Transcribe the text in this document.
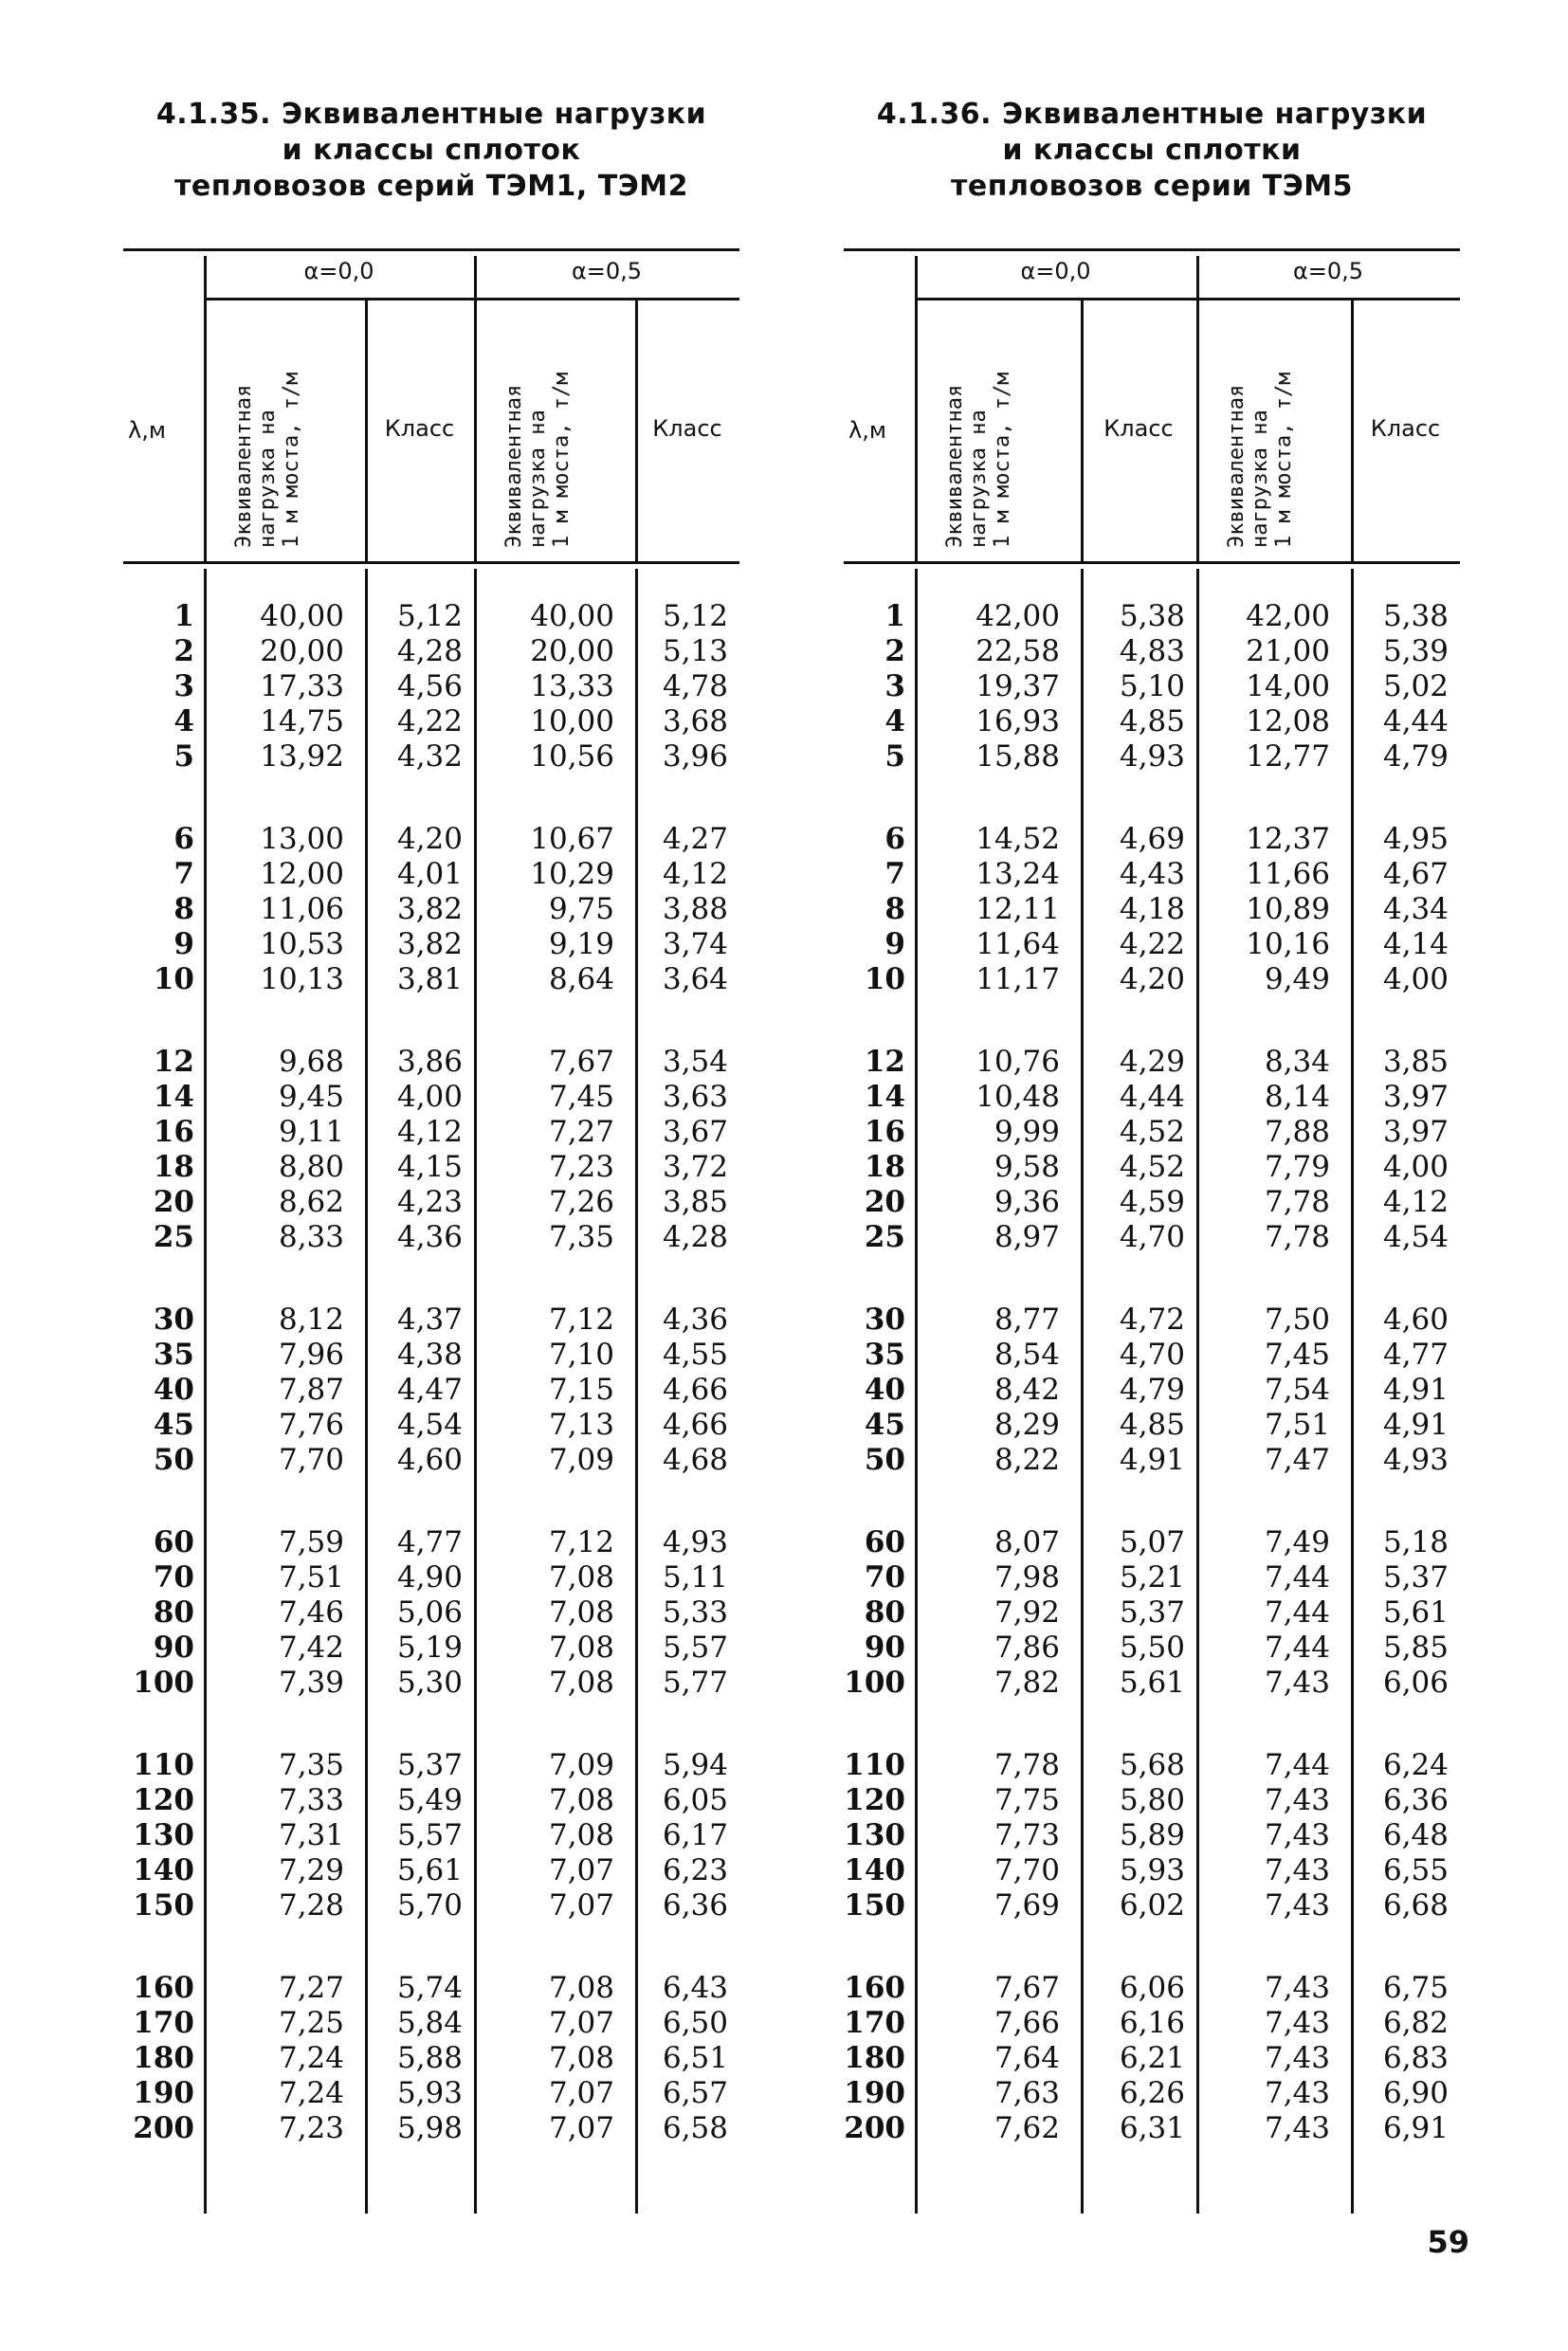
4.1.35. Эквивалентные нагрузки
и классы сплоток
тепловозов серий ТЭМ1, ТЭМ2
λ,м
α=0,0	α=0,5
Эквивалентная нагрузка на 1 м моста, т/м	Эквивалентная нагрузка на 1 м моста, т/м
Класс	Класс
1	40,00	5,12	40,00	5,12
2	20,00	4,28	20,00	5,13
3	17,33	4,56	13,33	4,78
4	14,75	4,22	10,00	3,68
5	13,92	4,32	10,56	3,96
6	13,00	4,20	10,67	4,27
7	12,00	4,01	10,29	4,12
8	11,06	3,82	9,75	3,88
9	10,53	3,82	9,19	3,74
10	10,13	3,81	8,64	3,64
12	9,68	3,86	7,67	3,54
14	9,45	4,00	7,45	3,63
16	9,11	4,12	7,27	3,67
18	8,80	4,15	7,23	3,72
20	8,62	4,23	7,26	3,85
25	8,33	4,36	7,35	4,28
30	8,12	4,37	7,12	4,36
35	7,96	4,38	7,10	4,55
40	7,87	4,47	7,15	4,66
45	7,76	4,54	7,13	4,66
50	7,70	4,60	7,09	4,68
60	7,59	4,77	7,12	4,93
70	7,51	4,90	7,08	5,11
80	7,46	5,06	7,08	5,33
90	7,42	5,19	7,08	5,57
100	7,39	5,30	7,08	5,77
110	7,35	5,37	7,09	5,94
120	7,33	5,49	7,08	6,05
130	7,31	5,57	7,08	6,17
140	7,29	5,61	7,07	6,23
150	7,28	5,70	7,07	6,36
160	7,27	5,74	7,08	6,43
170	7,25	5,84	7,07	6,50
180	7,24	5,88	7,08	6,51
190	7,24	5,93	7,07	6,57
200	7,23	5,98	7,07	6,58
4.1.36. Эквивалентные нагрузки
и классы сплотки
тепловозов серии ТЭМ5
λ,м
α=0,0	α=0,5
Эквивалентная нагрузка на 1 м моста, т/м	Эквивалентная нагрузка на 1 м моста, т/м
Класс	Класс
1	42,00	5,38	42,00	5,38
2	22,58	4,83	21,00	5,39
3	19,37	5,10	14,00	5,02
4	16,93	4,85	12,08	4,44
5	15,88	4,93	12,77	4,79
6	14,52	4,69	12,37	4,95
7	13,24	4,43	11,66	4,67
8	12,11	4,18	10,89	4,34
9	11,64	4,22	10,16	4,14
10	11,17	4,20	9,49	4,00
12	10,76	4,29	8,34	3,85
14	10,48	4,44	8,14	3,97
16	9,99	4,52	7,88	3,97
18	9,58	4,52	7,79	4,00
20	9,36	4,59	7,78	4,12
25	8,97	4,70	7,78	4,54
30	8,77	4,72	7,50	4,60
35	8,54	4,70	7,45	4,77
40	8,42	4,79	7,54	4,91
45	8,29	4,85	7,51	4,91
50	8,22	4,91	7,47	4,93
60	8,07	5,07	7,49	5,18
70	7,98	5,21	7,44	5,37
80	7,92	5,37	7,44	5,61
90	7,86	5,50	7,44	5,85
100	7,82	5,61	7,43	6,06
110	7,78	5,68	7,44	6,24
120	7,75	5,80	7,43	6,36
130	7,73	5,89	7,43	6,48
140	7,70	5,93	7,43	6,55
150	7,69	6,02	7,43	6,68
160	7,67	6,06	7,43	6,75
170	7,66	6,16	7,43	6,82
180	7,64	6,21	7,43	6,83
190	7,63	6,26	7,43	6,90
200	7,62	6,31	7,43	6,91
59
